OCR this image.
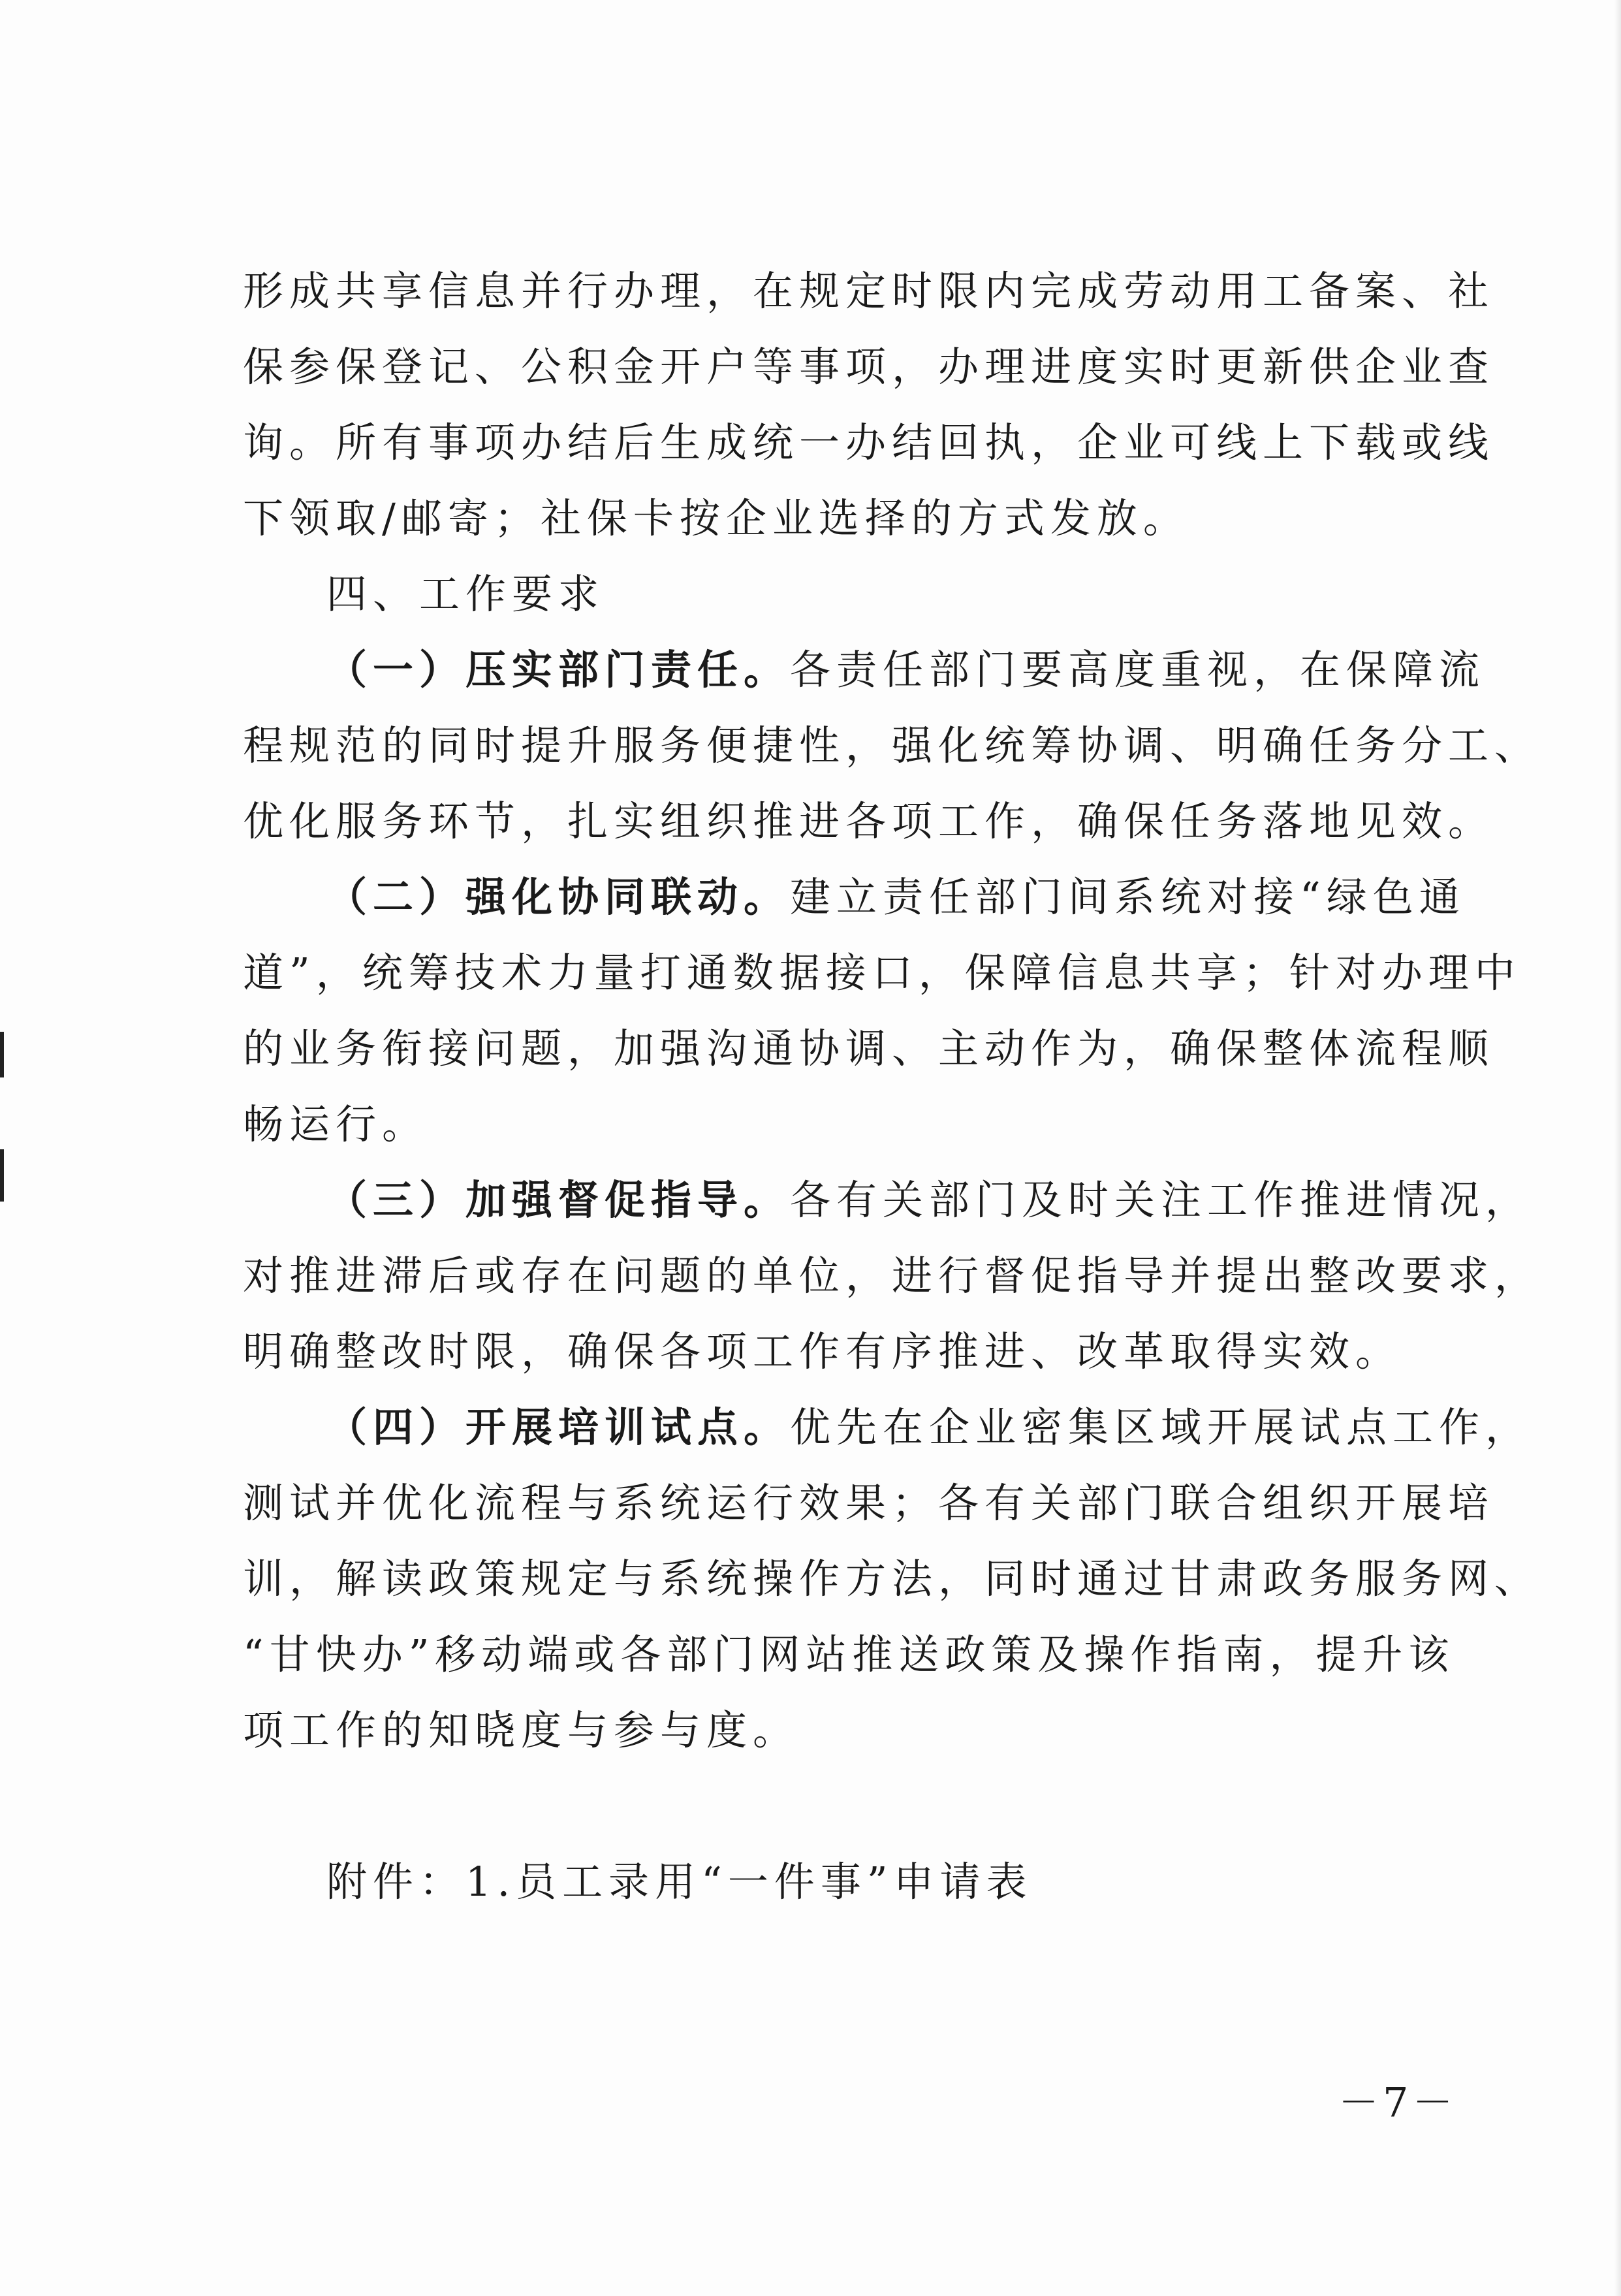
形成共享信息并行办理，在规定时限内完成劳动用工备案、社
保参保登记、公积金开户等事项，办理进度实时更新供企业查
询。所有事项办结后生成统一办结回执，企业可线上下载或线
下领取/邮寄；社保卡按企业选择的方式发放。
四、工作要求
（一）压实部门责任。各责任部门要高度重视，在保障流
程规范的同时提升服务便捷性，强化统筹协调、明确任务分工、
优化服务环节，扎实组织推进各项工作，确保任务落地见效。
（二）强化协同联动。建立责任部门间系统对接“绿色通
道”，统筹技术力量打通数据接口，保障信息共享；针对办理中
的业务衔接问题，加强沟通协调、主动作为，确保整体流程顺
畅运行。
（三）加强督促指导。各有关部门及时关注工作推进情况，
对推进滞后或存在问题的单位，进行督促指导并提出整改要求，
明确整改时限，确保各项工作有序推进、改革取得实效。
（四）开展培训试点。优先在企业密集区域开展试点工作，
测试并优化流程与系统运行效果；各有关部门联合组织开展培
训，解读政策规定与系统操作方法，同时通过甘肃政务服务网、
“甘快办”移动端或各部门网站推送政策及操作指南，提升该
项工作的知晓度与参与度。
附件：1.员工录用“一件事”申请表
－7－
